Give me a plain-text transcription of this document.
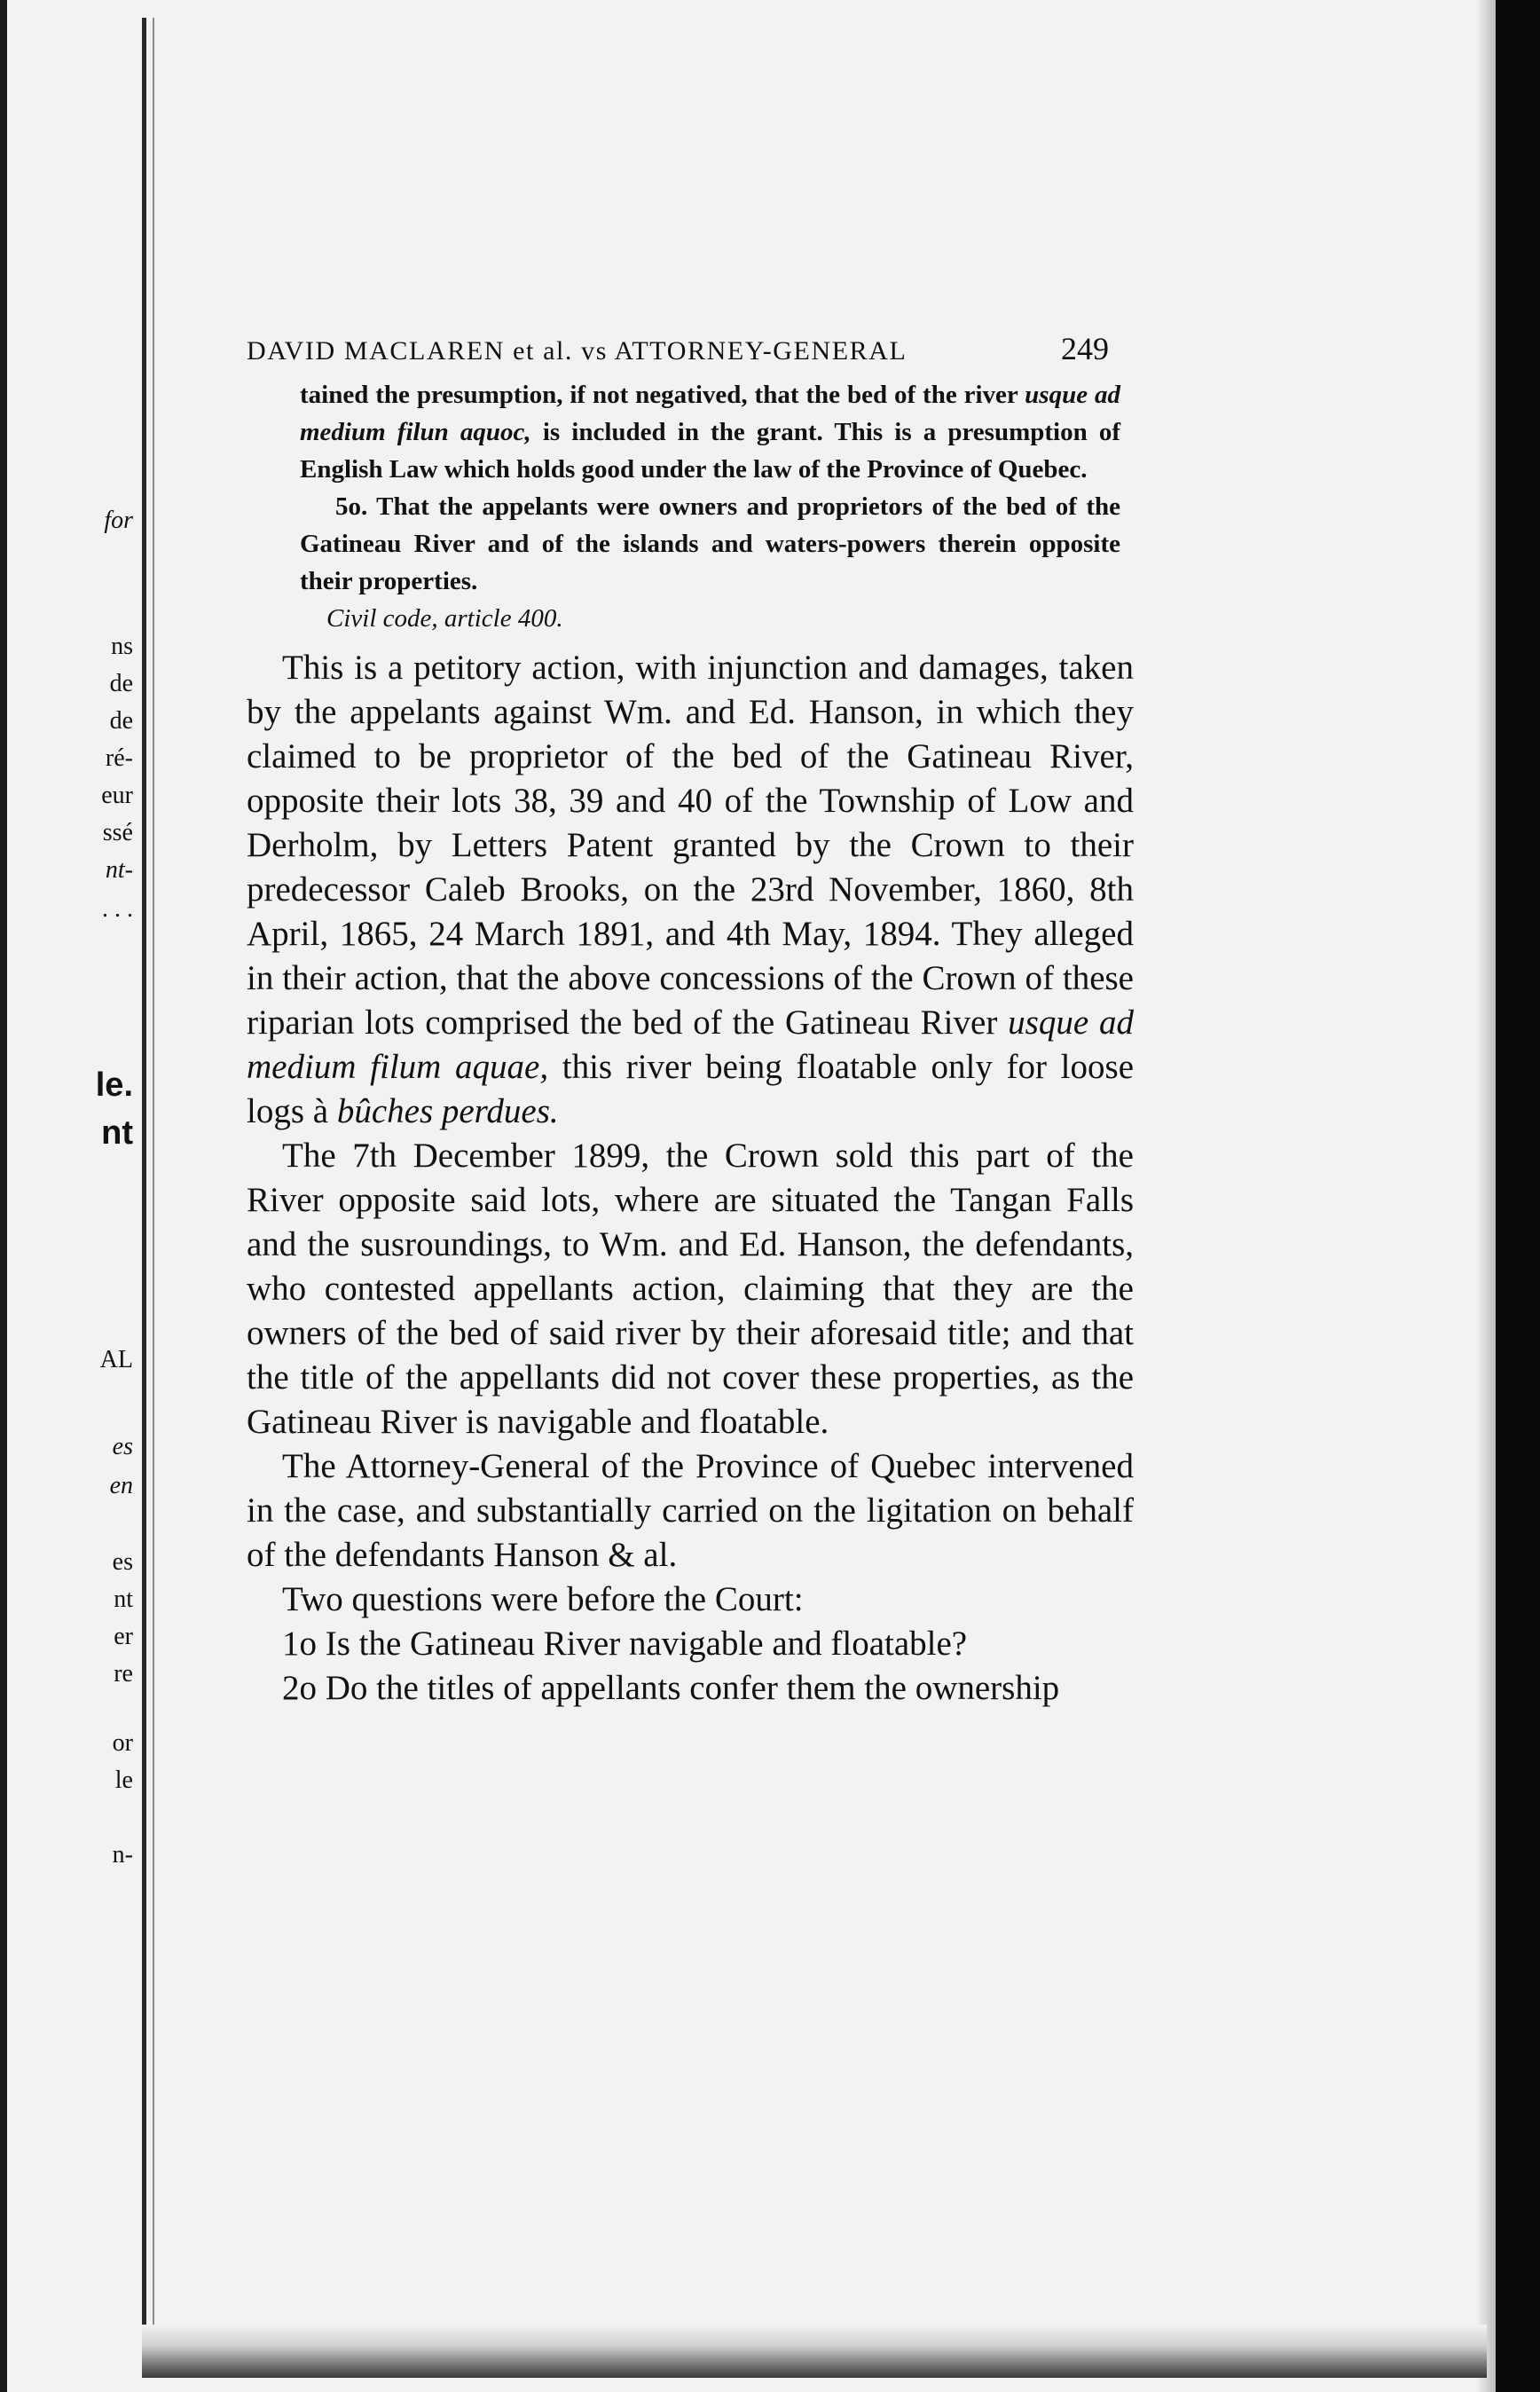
for
ns
de
de
ré-
eur
ssé
nt-
. . .
le.
nt
AL
es
en
es
nt
er
re
or
le
n-
DAVID MACLAREN et al. vs ATTORNEY-GENERAL	249

tained the presumption, if not negatived, that the bed of the river usque ad medium filun aquoc, is included in the grant. This is a presumption of English Law which holds good under the law of the Province of Quebec.

5o. That the appelants were owners and proprietors of the bed of the Gatineau River and of the islands and waters-powers therein opposite their properties.

Civil code, article 400.

This is a petitory action, with injunction and damages, taken by the appelants against Wm. and Ed. Hanson, in which they claimed to be proprietor of the bed of the Gatineau River, opposite their lots 38, 39 and 40 of the Township of Low and Derholm, by Letters Patent granted by the Crown to their predecessor Caleb Brooks, on the 23rd November, 1860, 8th April, 1865, 24 March 1891, and 4th May, 1894. They alleged in their action, that the above concessions of the Crown of these riparian lots comprised the bed of the Gatineau River usque ad medium filum aquae, this river being floatable only for loose logs à bûches perdues.

The 7th December 1899, the Crown sold this part of the River opposite said lots, where are situated the Tangan Falls and the susroundings, to Wm. and Ed. Hanson, the defendants, who contested appellants action, claiming that they are the owners of the bed of said river by their aforesaid title; and that the title of the appellants did not cover these properties, as the Gatineau River is navigable and floatable.

The Attorney-General of the Province of Quebec intervened in the case, and substantially carried on the ligitation on behalf of the defendants Hanson & al.

Two questions were before the Court:

1o Is the Gatineau River navigable and floatable?

2o Do the titles of appellants confer them the ownership
